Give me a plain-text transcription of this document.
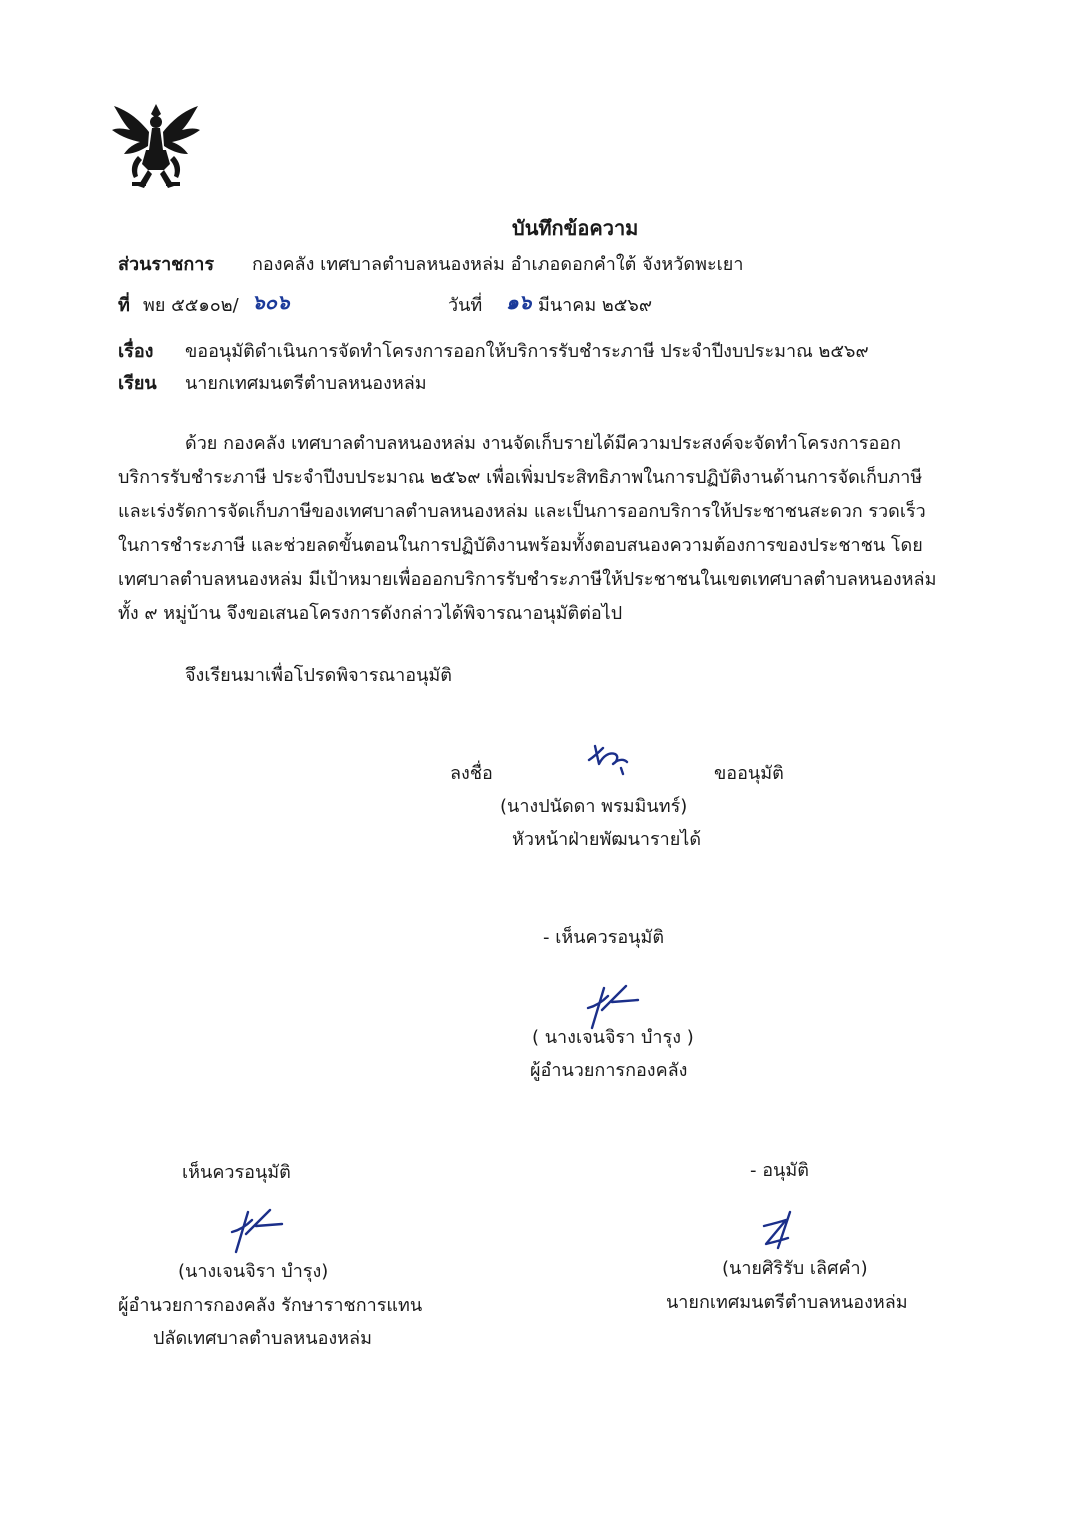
บันทึกข้อความ
ส่วนราชการ กองคลัง เทศบาลตำบลหนองหล่ม อำเภอดอกคำใต้ จังหวัดพะเยา
ที่ พย ๕๕๑๐๒/ ๖๐๖	วันที่ ๑๖ มีนาคม ๒๕๖๙
เรื่อง ขออนุมัติดำเนินการจัดทำโครงการออกให้บริการรับชำระภาษี ประจำปีงบประมาณ ๒๕๖๙
เรียน นายกเทศมนตรีตำบลหนองหล่ม
ด้วย กองคลัง เทศบาลตำบลหนองหล่ม งานจัดเก็บรายได้มีความประสงค์จะจัดทำโครงการออก
บริการรับชำระภาษี ประจำปีงบประมาณ ๒๕๖๙ เพื่อเพิ่มประสิทธิภาพในการปฏิบัติงานด้านการจัดเก็บภาษี
และเร่งรัดการจัดเก็บภาษีของเทศบาลตำบลหนองหล่ม และเป็นการออกบริการให้ประชาชนสะดวก รวดเร็ว
ในการชำระภาษี และช่วยลดขั้นตอนในการปฏิบัติงานพร้อมทั้งตอบสนองความต้องการของประชาชน โดย
เทศบาลตำบลหนองหล่ม มีเป้าหมายเพื่อออกบริการรับชำระภาษีให้ประชาชนในเขตเทศบาลตำบลหนองหล่ม
ทั้ง ๙ หมู่บ้าน จึงขอเสนอโครงการดังกล่าวได้พิจารณาอนุมัติต่อไป
จึงเรียนมาเพื่อโปรดพิจารณาอนุมัติ
ลงชื่อ	ขออนุมัติ
(นางปนัดดา พรมมินทร์)
หัวหน้าฝ่ายพัฒนารายได้
- เห็นควรอนุมัติ
( นางเจนจิรา บำรุง )
ผู้อำนวยการกองคลัง
เห็นควรอนุมัติ
(นางเจนจิรา บำรุง)
ผู้อำนวยการกองคลัง รักษาราชการแทน
ปลัดเทศบาลตำบลหนองหล่ม
- อนุมัติ
(นายศิริรับ เลิศคำ)
นายกเทศมนตรีตำบลหนองหล่ม
